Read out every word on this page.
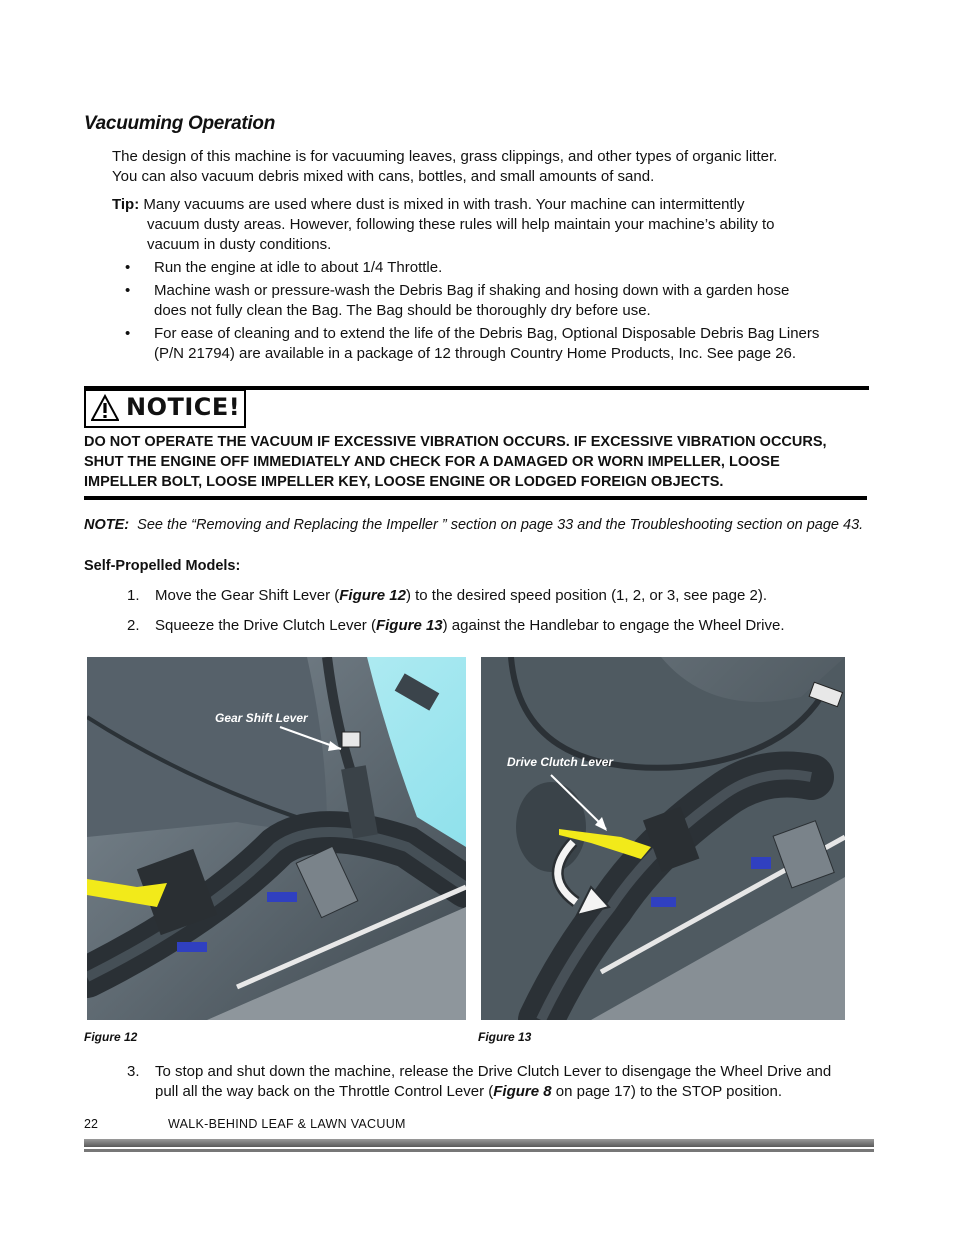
Vacuuming Operation
The design of this machine is for vacuuming leaves, grass clippings, and other types of organic litter.
You can also vacuum debris mixed with cans, bottles, and small amounts of sand.
Tip: Many vacuums are used where dust is mixed in with trash. Your machine can intermittently
vacuum dusty areas. However, following these rules will help maintain your machine’s ability to
vacuum in dusty conditions.
• Run the engine at idle to about 1/4 Throttle.
• Machine wash or pressure-wash the Debris Bag if shaking and hosing down with a garden hose
does not fully clean the Bag. The Bag should be thoroughly dry before use.
• For ease of cleaning and to extend the life of the Debris Bag, Optional Disposable Debris Bag Liners
(P/N 21794) are available in a package of 12 through Country Home Products, Inc. See page 26.
NOTICE!
DO NOT OPERATE THE VACUUM IF EXCESSIVE VIBRATION OCCURS. IF EXCESSIVE VIBRATION OCCURS,
SHUT THE ENGINE OFF IMMEDIATELY AND CHECK FOR A DAMAGED OR WORN IMPELLER, LOOSE
IMPELLER BOLT, LOOSE IMPELLER KEY, LOOSE ENGINE OR LODGED FOREIGN OBJECTS.
NOTE: See the “Removing and Replacing the Impeller ” section on page 33 and the Troubleshooting section on page 43.
Self-Propelled Models:
1. Move the Gear Shift Lever (Figure 12) to the desired speed position (1, 2, or 3, see page 2).
2. Squeeze the Drive Clutch Lever (Figure 13) against the Handlebar to engage the Wheel Drive.
Gear Shift Lever
Drive Clutch Lever
Figure 12	Figure 13
3. To stop and shut down the machine, release the Drive Clutch Lever to disengage the Wheel Drive and
pull all the way back on the Throttle Control Lever (Figure 8 on page 17) to the STOP position.
22	WALK-BEHIND LEAF & LAWN VACUUM
